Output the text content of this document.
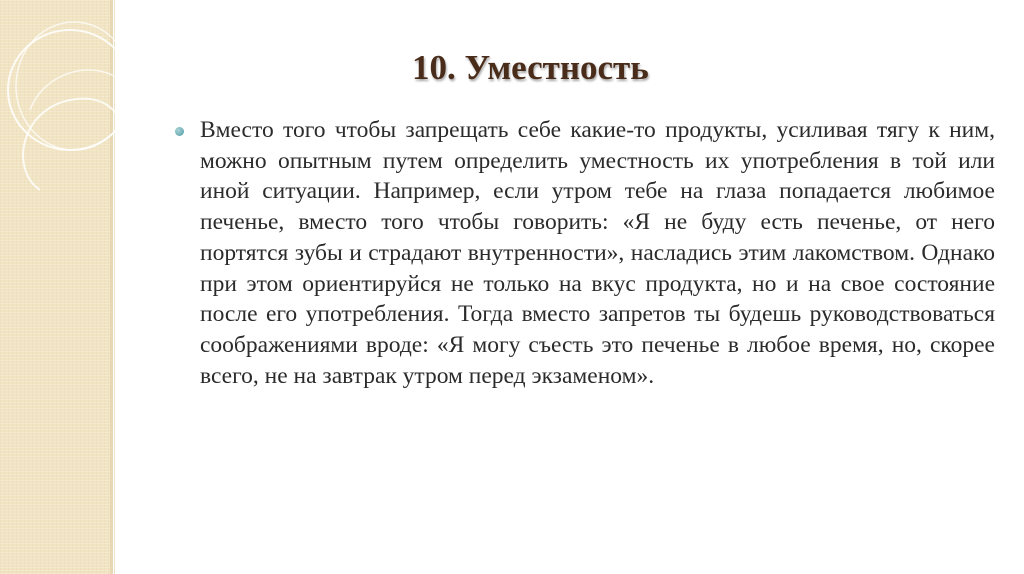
10. Уместность

Вместо того чтобы запрещать себе какие-то продукты, усиливая тягу к ним, можно опытным путем определить уместность их употребления в той или иной ситуации. Например, если утром тебе на глаза попадается любимое печенье, вместо того чтобы говорить: «Я не буду есть печенье, от него портятся зубы и страдают внутренности», насладись этим лакомством. Однако при этом ориентируйся не только на вкус продукта, но и на свое состояние после его употребления. Тогда вместо запретов ты будешь руководствоваться соображениями вроде: «Я могу съесть это печенье в любое время, но, скорее всего, не на завтрак утром перед экзаменом».
